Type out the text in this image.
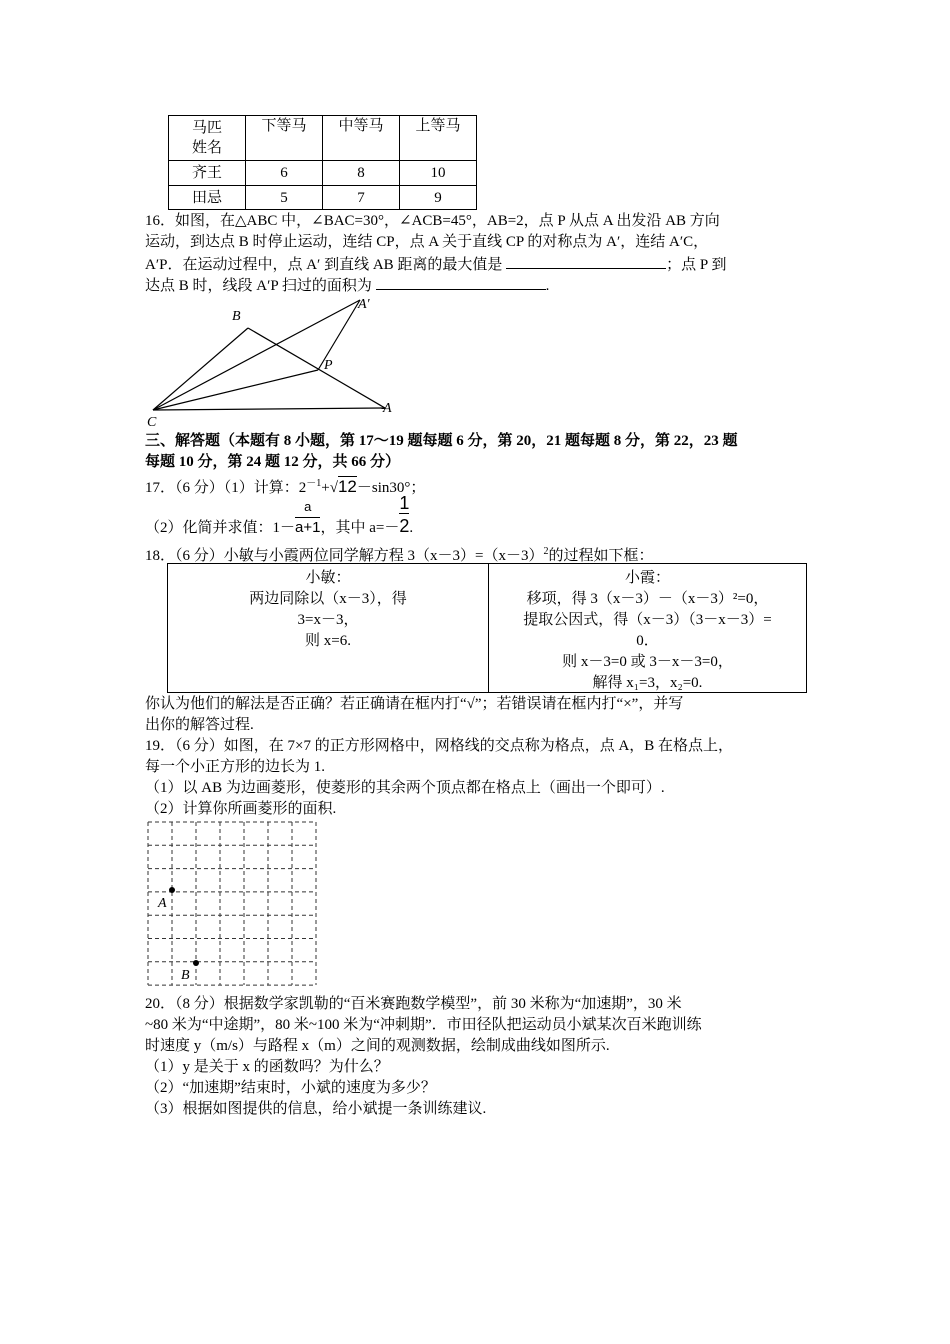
马匹
姓名	下等马	中等马	上等马
齐王	6	8	10
田忌	5	7	9
16．如图，在△ABC 中，∠BAC=30°，∠ACB=45°，AB=2，点 P 从点 A 出发沿 AB 方向
运动，到达点 B 时停止运动，连结 CP，点 A 关于直线 CP 的对称点为 A′，连结 A′C，
A′P．在运动过程中，点 A′ 到直线 AB 距离的最大值是	；点 P 到
达点 B 时，线段 A′P 扫过的面积为	.
B
A′
P
C
A
三、解答题（本题有 8 小题，第 17～19 题每题 6 分，第 20，21 题每题 8 分，第 22，23 题
每题 10 分，第 24 题 12 分，共 66 分）
17．（6 分）（1）计算：$2^{-1}+√12-\sin 30^\circ$；
（2）化简并求值：$1- \frac{a}{a+1}$，其中 $a=- \frac{1}{2}$.
18．（6 分）小敏与小霞两位同学解方程 $3(x-3)=(x-3)^2$的过程如下框：
小敏：
两边同除以（x－3），得
3=x－3，
则 x=6.
小霞：
移项，得 3（x－3）－（x－3）²=0，
提取公因式，得（x－3）（3－x－3）=
0．
则 x－3=0 或 3－x－3=0，
解得 x₁=3，x₂=0.
你认为他们的解法是否正确？若正确请在框内打“√”；若错误请在框内打“×”，并写
出你的解答过程.
19．（6 分）如图，在 7×7 的正方形网格中，网格线的交点称为格点，点 A，B 在格点上，
每一个小正方形的边长为 1.
（1）以 AB 为边画菱形，使菱形的其余两个顶点都在格点上（画出一个即可）.
（2）计算你所画菱形的面积.
A
B
20．（8 分）根据数学家凯勒的“百米赛跑数学模型”，前 30 米称为“加速期”，30 米
~80 米为“中途期”，80 米~100 米为“冲刺期”．市田径队把运动员小斌某次百米跑训练
时速度 y（m/s）与路程 x（m）之间的观测数据，绘制成曲线如图所示.
（1）y 是关于 x 的函数吗？为什么？
（2）“加速期”结束时，小斌的速度为多少？
（3）根据如图提供的信息，给小斌提一条训练建议.
